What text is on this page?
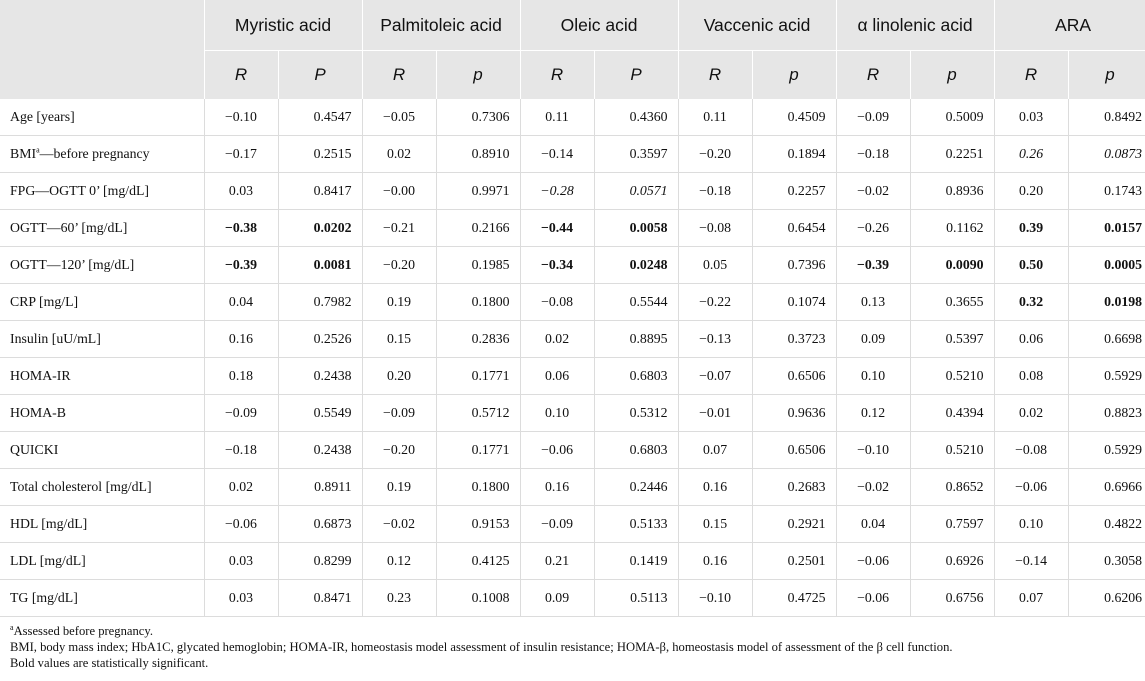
	Myristic acid		Palmitoleic acid		Oleic acid		Vaccenic acid		α linolenic acid		ARA	
	R	P	R	p	R	P	R	p	R	p	R	p
Age [years]	−0.10	0.4547	−0.05	0.7306	0.11	0.4360	0.11	0.4509	−0.09	0.5009	0.03	0.8492
BMI$^a$—before pregnancy	−0.17	0.2515	0.02	0.8910	−0.14	0.3597	−0.20	0.1894	−0.18	0.2251	0.26	0.0873
FPG—OGTT 0’ [mg/dL]	0.03	0.8417	−0.00	0.9971	−0.28	0.0571	−0.18	0.2257	−0.02	0.8936	0.20	0.1743
OGTT—60’ [mg/dL]	−0.38	0.0202	−0.21	0.2166	−0.44	0.0058	−0.08	0.6454	−0.26	0.1162	0.39	0.0157
OGTT—120’ [mg/dL]	−0.39	0.0081	−0.20	0.1985	−0.34	0.0248	0.05	0.7396	−0.39	0.0090	0.50	0.0005
CRP [mg/L]	0.04	0.7982	0.19	0.1800	−0.08	0.5544	−0.22	0.1074	0.13	0.3655	0.32	0.0198
Insulin [uU/mL]	0.16	0.2526	0.15	0.2836	0.02	0.8895	−0.13	0.3723	0.09	0.5397	0.06	0.6698
HOMA-IR	0.18	0.2438	0.20	0.1771	0.06	0.6803	−0.07	0.6506	0.10	0.5210	0.08	0.5929
HOMA-B	−0.09	0.5549	−0.09	0.5712	0.10	0.5312	−0.01	0.9636	0.12	0.4394	0.02	0.8823
QUICKI	−0.18	0.2438	−0.20	0.1771	−0.06	0.6803	0.07	0.6506	−0.10	0.5210	−0.08	0.5929
Total cholesterol [mg/dL]	0.02	0.8911	0.19	0.1800	0.16	0.2446	0.16	0.2683	−0.02	0.8652	−0.06	0.6966
HDL [mg/dL]	−0.06	0.6873	−0.02	0.9153	−0.09	0.5133	0.15	0.2921	0.04	0.7597	0.10	0.4822
LDL [mg/dL]	0.03	0.8299	0.12	0.4125	0.21	0.1419	0.16	0.2501	−0.06	0.6926	−0.14	0.3058
TG [mg/dL]	0.03	0.8471	0.23	0.1008	0.09	0.5113	−0.10	0.4725	−0.06	0.6756	0.07	0.6206
$^a$Assessed before pregnancy.
BMI, body mass index; HbA1C, glycated hemoglobin; HOMA-IR, homeostasis model assessment of insulin resistance; HOMA-β, homeostasis model of assessment of the β cell function.
Bold values are statistically significant.
